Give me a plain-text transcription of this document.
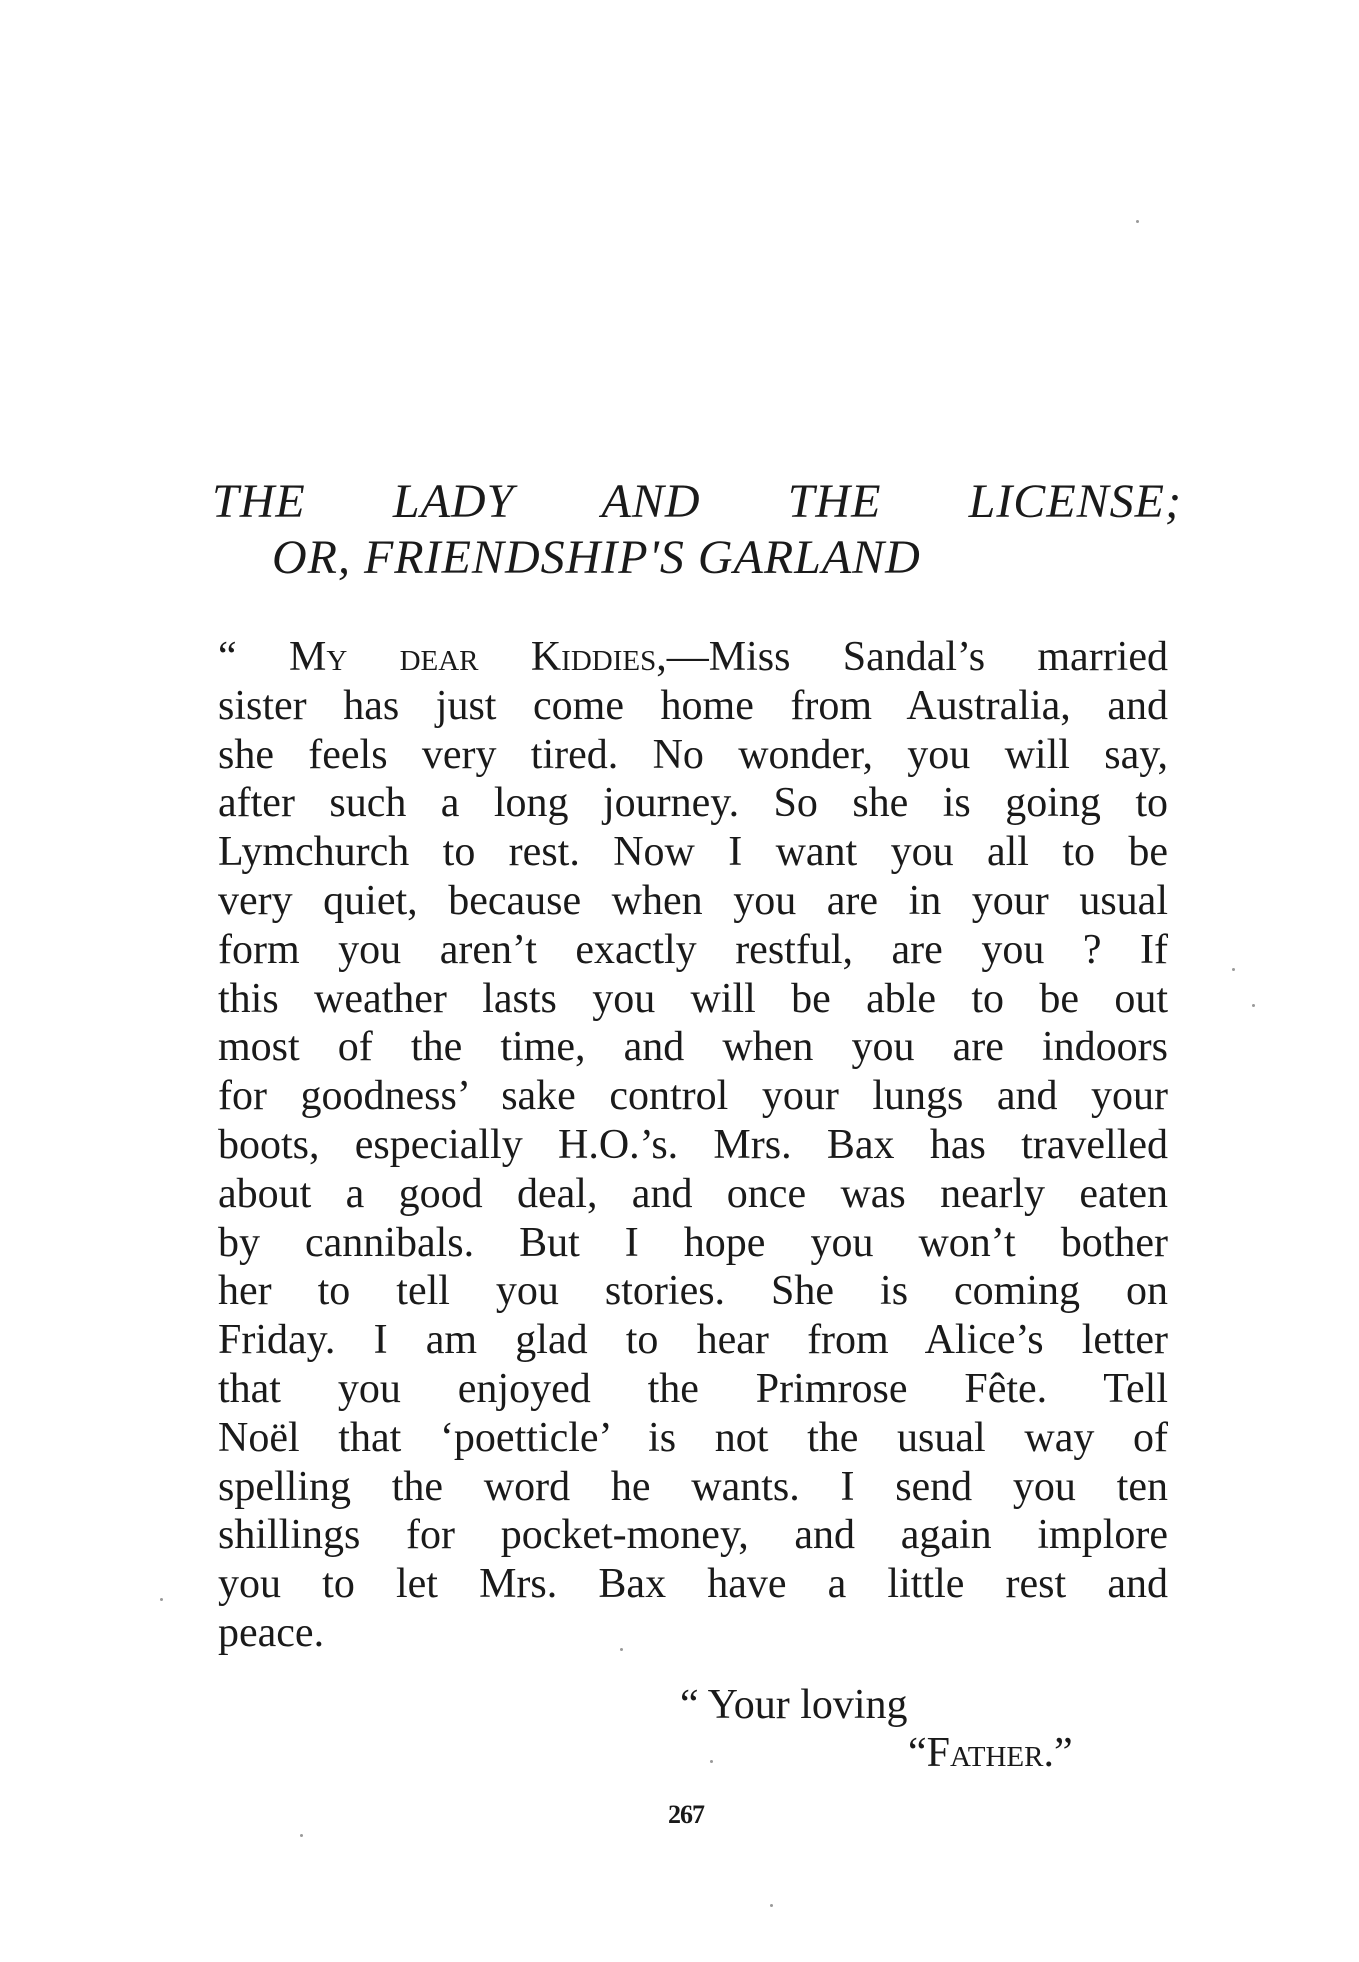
THE LADY AND THE LICENSE;
OR, FRIENDSHIP'S GARLAND
“ My dear Kiddies,—Miss Sandal’s married
sister has just come home from Australia, and
she feels very tired. No wonder, you will say,
after such a long journey. So she is going to
Lymchurch to rest. Now I want you all to be
very quiet, because when you are in your usual
form you aren’t exactly restful, are you ? If
this weather lasts you will be able to be out
most of the time, and when you are indoors
for goodness’ sake control your lungs and your
boots, especially H.O.’s. Mrs. Bax has travelled
about a good deal, and once was nearly eaten
by cannibals. But I hope you won’t bother
her to tell you stories. She is coming on
Friday. I am glad to hear from Alice’s letter
that you enjoyed the Primrose Fête. Tell
Noël that ‘poetticle’ is not the usual way of
spelling the word he wants. I send you ten
shillings for pocket-money, and again implore
you to let Mrs. Bax have a little rest and
peace.
“ Your loving
“Father.”
267
